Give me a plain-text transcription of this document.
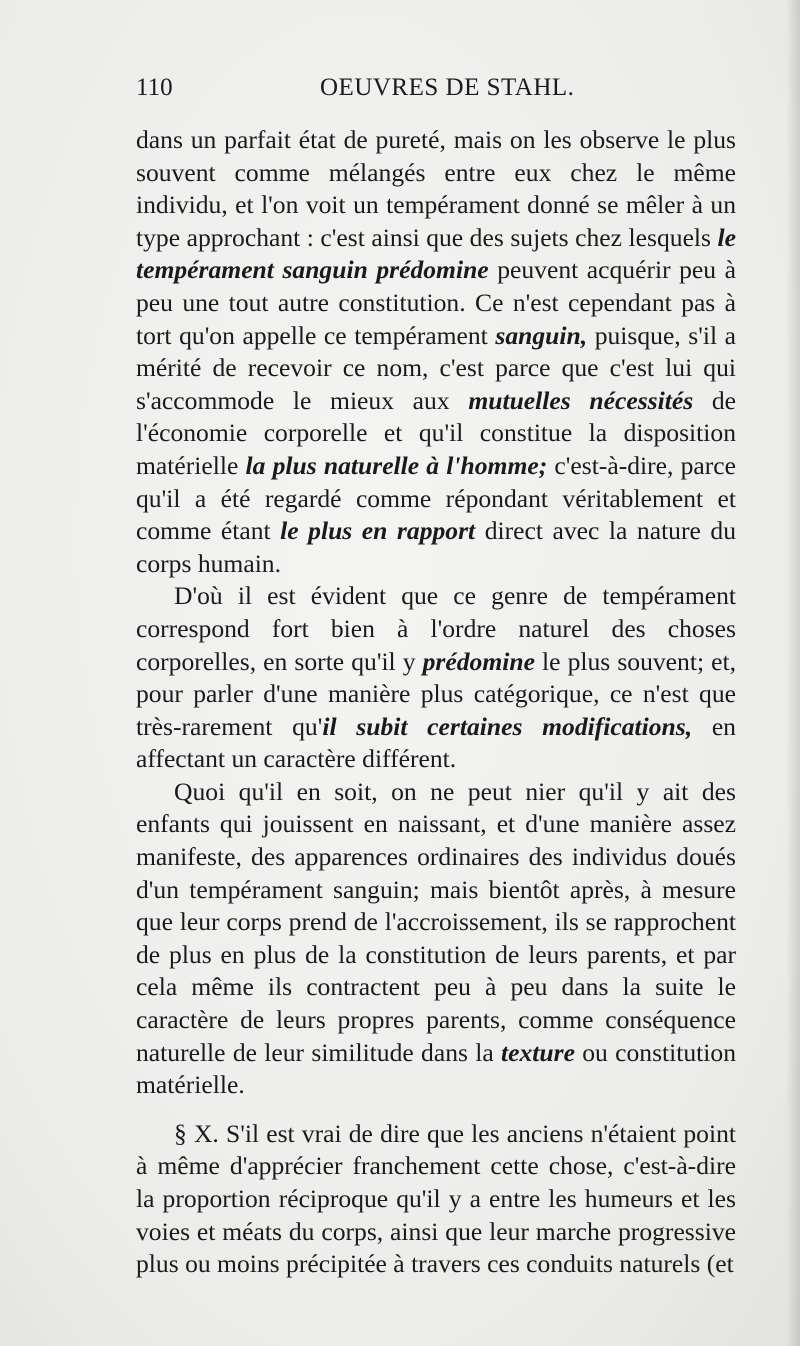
110	OEUVRES DE STAHL.

dans un parfait état de pureté, mais on les observe le plus souvent comme mélangés entre eux chez le même individu, et l'on voit un tempérament donné se mêler à un type approchant : c'est ainsi que des sujets chez lesquels le tempérament sanguin prédomine peuvent acquérir peu à peu une tout autre constitution. Ce n'est cependant pas à tort qu'on appelle ce tempérament sanguin, puisque, s'il a mérité de recevoir ce nom, c'est parce que c'est lui qui s'accommode le mieux aux mutuelles nécessités de l'économie corporelle et qu'il constitue la disposition matérielle la plus naturelle à l'homme; c'est-à-dire, parce qu'il a été regardé comme répondant véritablement et comme étant le plus en rapport direct avec la nature du corps humain.

D'où il est évident que ce genre de tempérament correspond fort bien à l'ordre naturel des choses corporelles, en sorte qu'il y prédomine le plus souvent; et, pour parler d'une manière plus catégorique, ce n'est que très-rarement qu'il subit certaines modifications, en affectant un caractère différent.

Quoi qu'il en soit, on ne peut nier qu'il y ait des enfants qui jouissent en naissant, et d'une manière assez manifeste, des apparences ordinaires des individus doués d'un tempérament sanguin; mais bientôt après, à mesure que leur corps prend de l'accroissement, ils se rapprochent de plus en plus de la constitution de leurs parents, et par cela même ils contractent peu à peu dans la suite le caractère de leurs propres parents, comme conséquence naturelle de leur similitude dans la texture ou constitution matérielle.

§ X. S'il est vrai de dire que les anciens n'étaient point à même d'apprécier franchement cette chose, c'est-à-dire la proportion réciproque qu'il y a entre les humeurs et les voies et méats du corps, ainsi que leur marche progressive plus ou moins précipitée à travers ces conduits naturels (et
